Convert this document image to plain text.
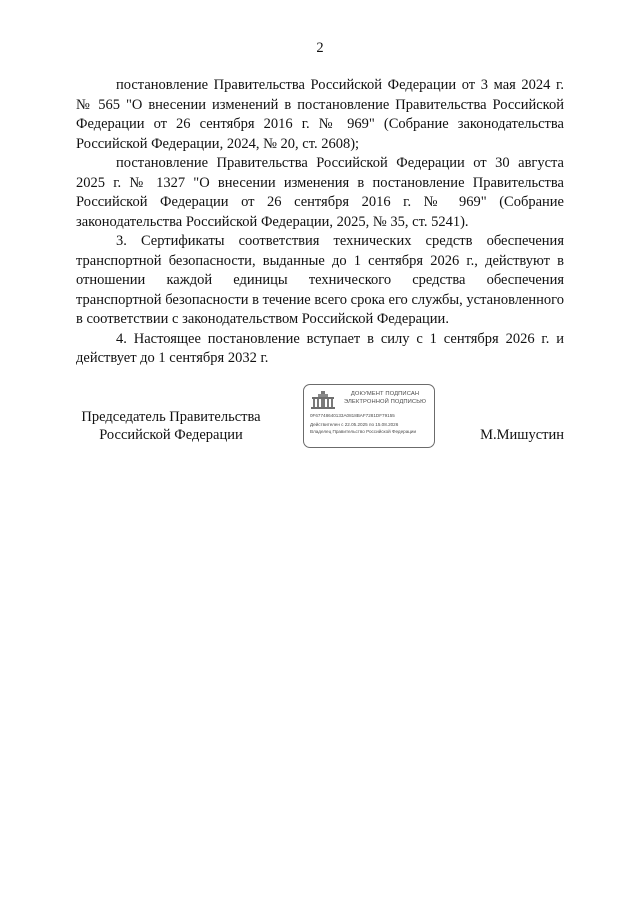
2

постановление Правительства Российской Федерации от 3 мая 2024 г. № 565 "О внесении изменений в постановление Правительства Российской Федерации от 26 сентября 2016 г. № 969" (Собрание законодательства Российской Федерации, 2024, № 20, ст. 2608);

постановление Правительства Российской Федерации от 30 августа 2025 г. № 1327 "О внесении изменения в постановление Правительства Российской Федерации от 26 сентября 2016 г. № 969" (Собрание законодательства Российской Федерации, 2025, № 35, ст. 5241).

3. Сертификаты соответствия технических средств обеспечения транспортной безопасности, выданные до 1 сентября 2026 г., действуют в отношении каждой единицы технического средства обеспечения транспортной безопасности в течение всего срока его службы, установленного в соответствии с законодательством Российской Федерации.

4. Настоящее постановление вступает в силу с 1 сентября 2026 г. и действует до 1 сентября 2032 г.

Председатель Правительства Российской Федерации
ДОКУМЕНТ ПОДПИСАН ЭЛЕКТРОННОЙ ПОДПИСЬЮ
0F67748640133A0818BAF7281DF79155
Действителен с 22.05.2025 по 15.08.2026
Владелец Правительство Российской Федерации	М.Мишустин
